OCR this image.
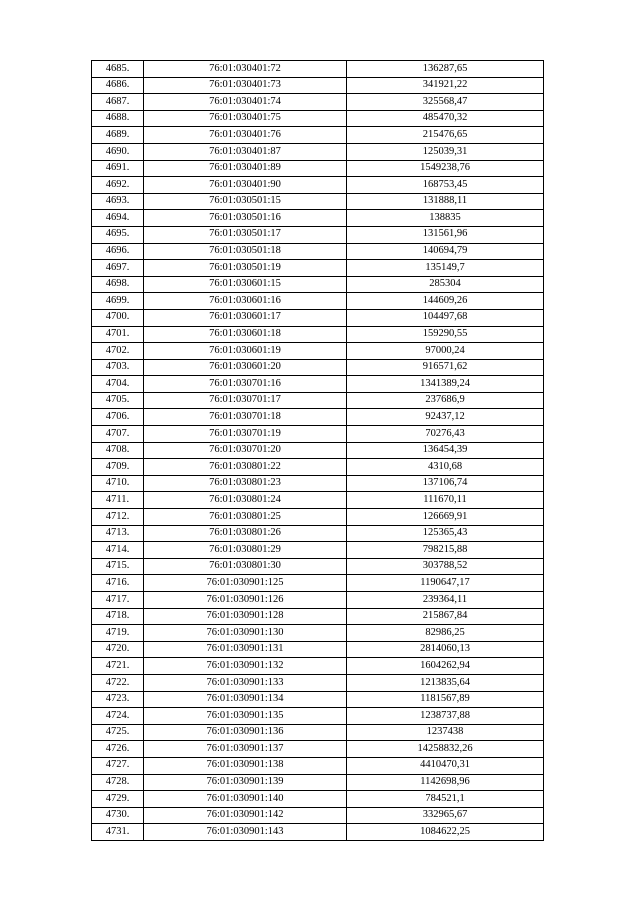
4685.	76:01:030401:72	136287,65
4686.	76:01:030401:73	341921,22
4687.	76:01:030401:74	325568,47
4688.	76:01:030401:75	485470,32
4689.	76:01:030401:76	215476,65
4690.	76:01:030401:87	125039,31
4691.	76:01:030401:89	1549238,76
4692.	76:01:030401:90	168753,45
4693.	76:01:030501:15	131888,11
4694.	76:01:030501:16	138835
4695.	76:01:030501:17	131561,96
4696.	76:01:030501:18	140694,79
4697.	76:01:030501:19	135149,7
4698.	76:01:030601:15	285304
4699.	76:01:030601:16	144609,26
4700.	76:01:030601:17	104497,68
4701.	76:01:030601:18	159290,55
4702.	76:01:030601:19	97000,24
4703.	76:01:030601:20	916571,62
4704.	76:01:030701:16	1341389,24
4705.	76:01:030701:17	237686,9
4706.	76:01:030701:18	92437,12
4707.	76:01:030701:19	70276,43
4708.	76:01:030701:20	136454,39
4709.	76:01:030801:22	4310,68
4710.	76:01:030801:23	137106,74
4711.	76:01:030801:24	111670,11
4712.	76:01:030801:25	126669,91
4713.	76:01:030801:26	125365,43
4714.	76:01:030801:29	798215,88
4715.	76:01:030801:30	303788,52
4716.	76:01:030901:125	1190647,17
4717.	76:01:030901:126	239364,11
4718.	76:01:030901:128	215867,84
4719.	76:01:030901:130	82986,25
4720.	76:01:030901:131	2814060,13
4721.	76:01:030901:132	1604262,94
4722.	76:01:030901:133	1213835,64
4723.	76:01:030901:134	1181567,89
4724.	76:01:030901:135	1238737,88
4725.	76:01:030901:136	1237438
4726.	76:01:030901:137	14258832,26
4727.	76:01:030901:138	4410470,31
4728.	76:01:030901:139	1142698,96
4729.	76:01:030901:140	784521,1
4730.	76:01:030901:142	332965,67
4731.	76:01:030901:143	1084622,25
